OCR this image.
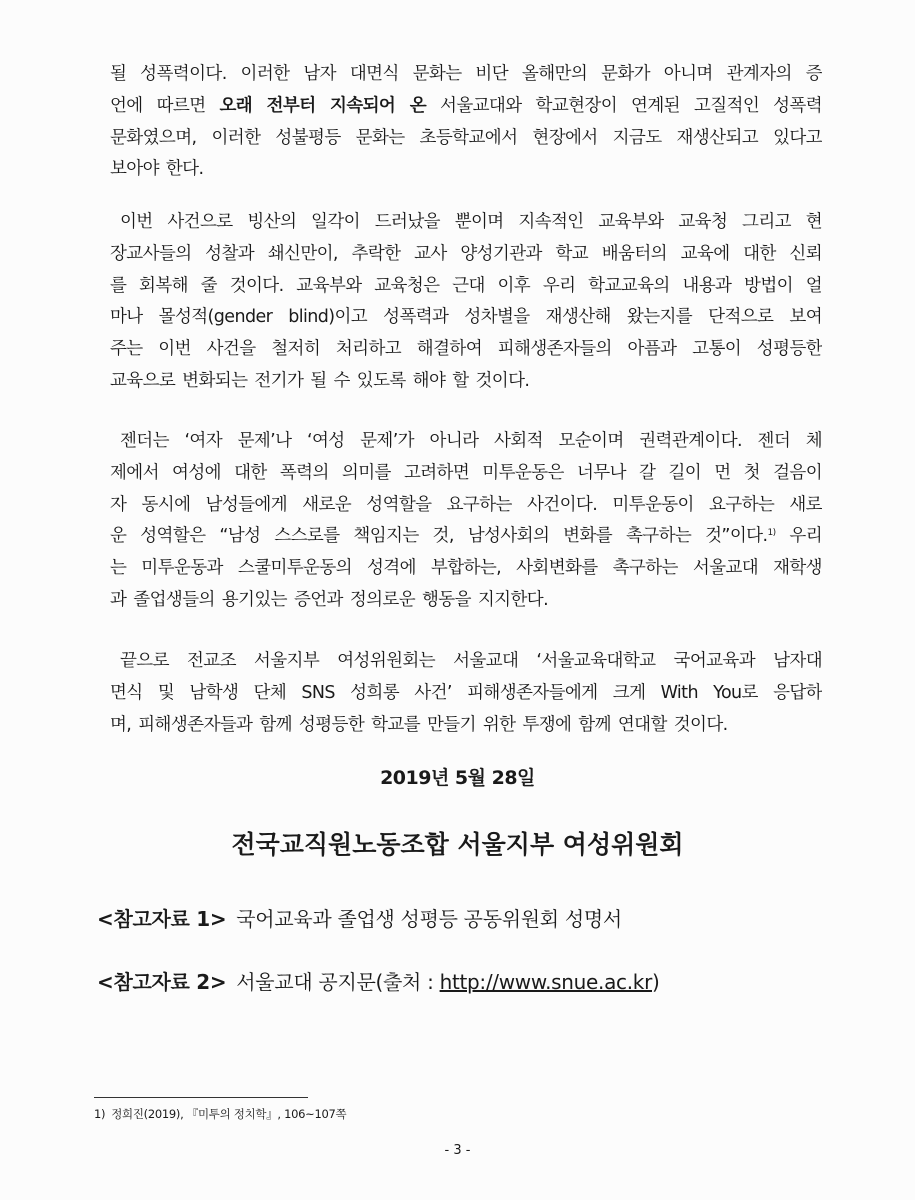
될 성폭력이다. 이러한 남자 대면식 문화는 비단 올해만의 문화가 아니며 관계자의 증
언에 따르면 오래 전부터 지속되어 온 서울교대와 학교현장이 연계된 고질적인 성폭력
문화였으며, 이러한 성불평등 문화는 초등학교에서 현장에서 지금도 재생산되고 있다고
보아야 한다.
이번 사건으로 빙산의 일각이 드러났을 뿐이며 지속적인 교육부와 교육청 그리고 현
장교사들의 성찰과 쇄신만이, 추락한 교사 양성기관과 학교 배움터의 교육에 대한 신뢰
를 회복해 줄 것이다. 교육부와 교육청은 근대 이후 우리 학교교육의 내용과 방법이 얼
마나 몰성적(gender blind)이고 성폭력과 성차별을 재생산해 왔는지를 단적으로 보여
주는 이번 사건을 철저히 처리하고 해결하여 피해생존자들의 아픔과 고통이 성평등한
교육으로 변화되는 전기가 될 수 있도록 해야 할 것이다.
젠더는 ‘여자 문제’나 ‘여성 문제’가 아니라 사회적 모순이며 권력관계이다. 젠더 체
제에서 여성에 대한 폭력의 의미를 고려하면 미투운동은 너무나 갈 길이 먼 첫 걸음이
자 동시에 남성들에게 새로운 성역할을 요구하는 사건이다. 미투운동이 요구하는 새로
운 성역할은 “남성 스스로를 책임지는 것, 남성사회의 변화를 촉구하는 것”이다.$^{1)}$ 우리
는 미투운동과 스쿨미투운동의 성격에 부합하는, 사회변화를 촉구하는 서울교대 재학생
과 졸업생들의 용기있는 증언과 정의로운 행동을 지지한다.
끝으로 전교조 서울지부 여성위원회는 서울교대 ‘서울교육대학교 국어교육과 남자대
면식 및 남학생 단체 SNS 성희롱 사건’ 피해생존자들에게 크게 With You로 응답하
며, 피해생존자들과 함께 성평등한 학교를 만들기 위한 투쟁에 함께 연대할 것이다.
2019년 5월 28일
전국교직원노동조합 서울지부 여성위원회
<참고자료 1> 국어교육과 졸업생 성평등 공동위원회 성명서
<참고자료 2> 서울교대 공지문(출처 : http://www.snue.ac.kr)
1) 정희진(2019), 『미투의 정치학』, 106~107쪽
- 3 -
